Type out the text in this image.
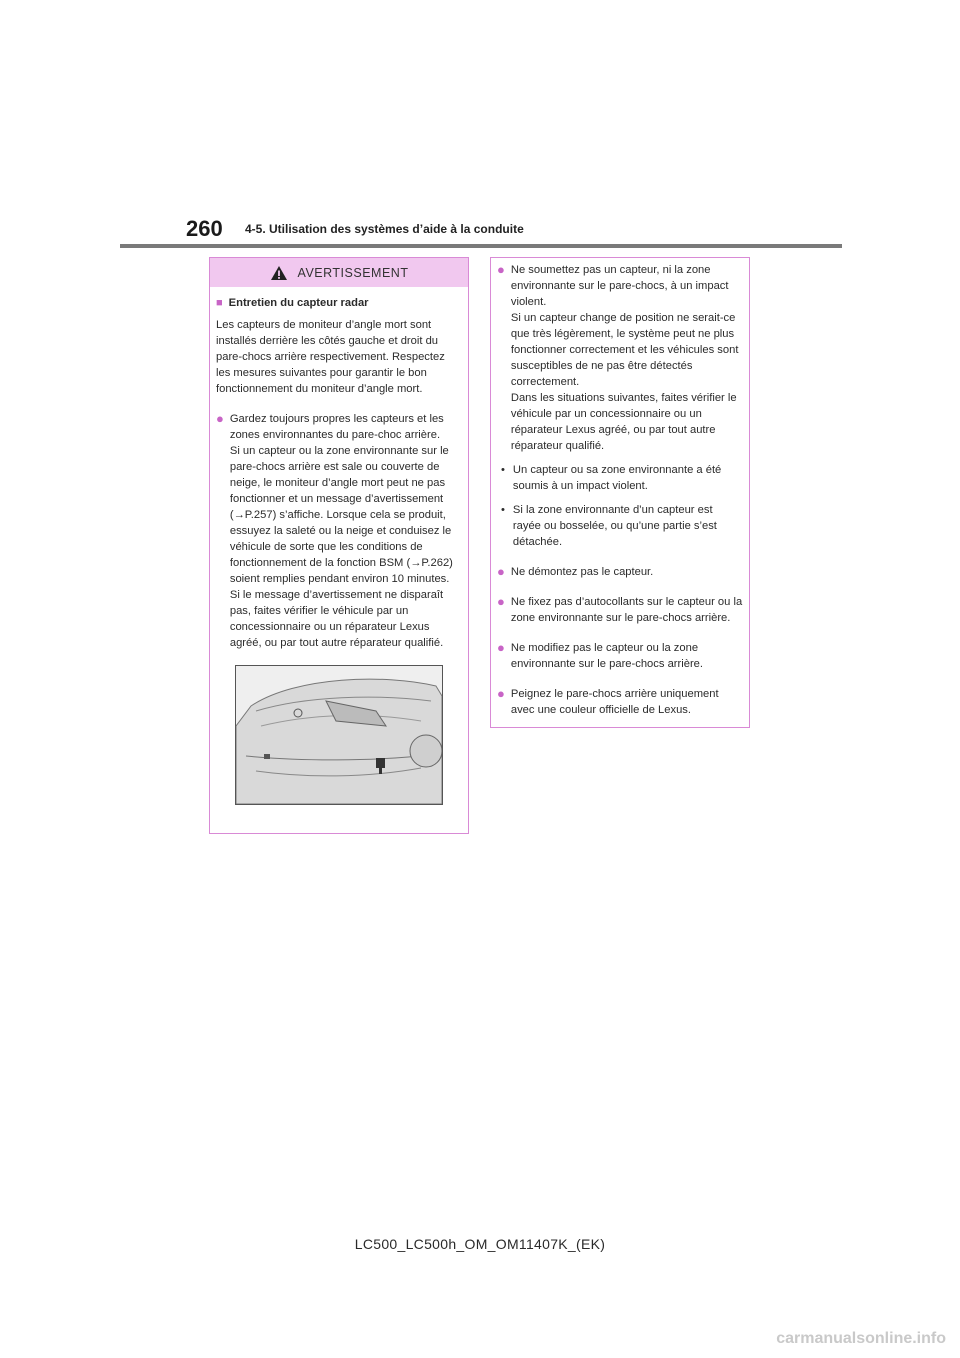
260 4-5. Utilisation des systèmes d’aide à la conduite
AVERTISSEMENT
■ Entretien du capteur radar
Les capteurs de moniteur d’angle mort sont installés derrière les côtés gauche et droit du pare-chocs arrière respectivement. Respectez les mesures suivantes pour garantir le bon fonctionnement du moniteur d’angle mort.
● Gardez toujours propres les capteurs et les zones environnantes du pare-choc arrière.
Si un capteur ou la zone environnante sur le pare-chocs arrière est sale ou couverte de neige, le moniteur d’angle mort peut ne pas fonctionner et un message d’avertissement (→P.257) s’affiche. Lorsque cela se produit, essuyez la saleté ou la neige et conduisez le véhicule de sorte que les conditions de fonctionnement de la fonction BSM (→P.262) soient remplies pendant environ 10 minutes. Si le message d’avertissement ne disparaît pas, faites vérifier le véhicule par un concessionnaire ou un réparateur Lexus agréé, ou par tout autre réparateur qualifié.
● Ne soumettez pas un capteur, ni la zone environnante sur le pare-chocs, à un impact violent.
Si un capteur change de position ne serait-ce que très légèrement, le système peut ne plus fonctionner correctement et les véhicules sont susceptibles de ne pas être détectés correctement.
Dans les situations suivantes, faites vérifier le véhicule par un concessionnaire ou un réparateur Lexus agréé, ou par tout autre réparateur qualifié.
• Un capteur ou sa zone environnante a été soumis à un impact violent.
• Si la zone environnante d’un capteur est rayée ou bosselée, ou qu’une partie s’est détachée.
● Ne démontez pas le capteur.
● Ne fixez pas d’autocollants sur le capteur ou la zone environnante sur le pare-chocs arrière.
● Ne modifiez pas le capteur ou la zone environnante sur le pare-chocs arrière.
● Peignez le pare-chocs arrière uniquement avec une couleur officielle de Lexus.
LC500_LC500h_OM_OM11407K_(EK)
carmanualsonline.info
